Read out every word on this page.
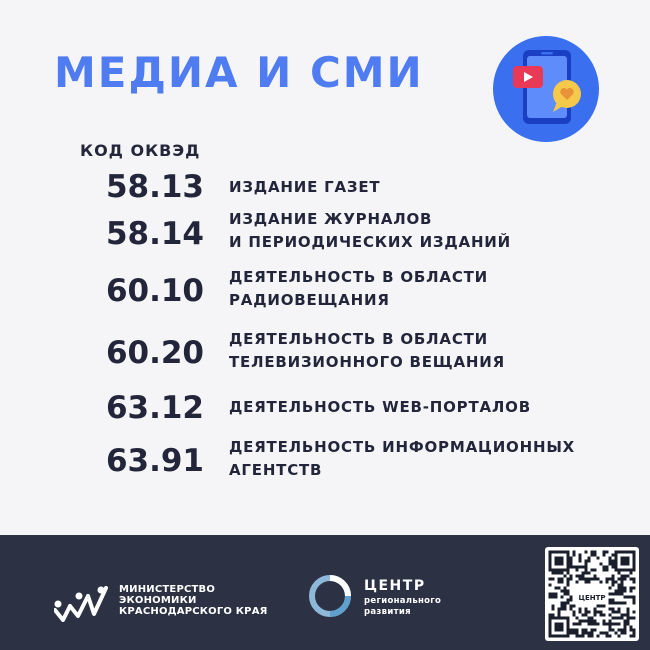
МЕДИА И СМИ
КОД ОКВЭД
58.13 ИЗДАНИЕ ГАЗЕТ
58.14 ИЗДАНИЕ ЖУРНАЛОВ
И ПЕРИОДИЧЕСКИХ ИЗДАНИЙ
60.10 ДЕЯТЕЛЬНОСТЬ В ОБЛАСТИ
РАДИОВЕЩАНИЯ
60.20 ДЕЯТЕЛЬНОСТЬ В ОБЛАСТИ
ТЕЛЕВИЗИОННОГО ВЕЩАНИЯ
63.12 ДЕЯТЕЛЬНОСТЬ WEB-ПОРТАЛОВ
63.91 ДЕЯТЕЛЬНОСТЬ ИНФОРМАЦИОННЫХ
АГЕНТСТВ
МИНИСТЕРСТВО
ЭКОНОМИКИ
КРАСНОДАРСКОГО КРАЯ
ЦЕНТР
регионального
развития
ЦЕНТР
